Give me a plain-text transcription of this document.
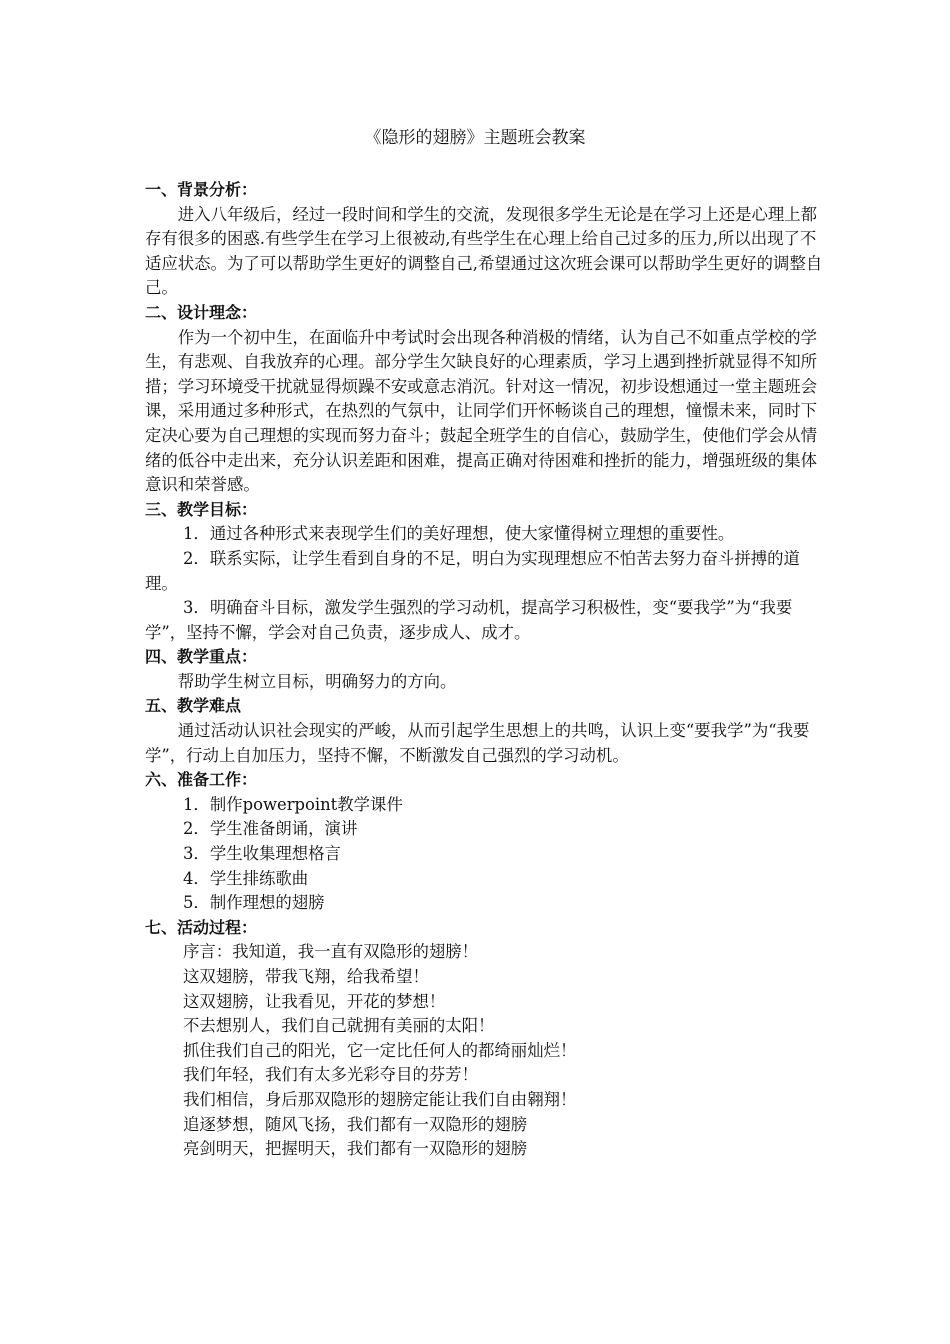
《隐形的翅膀》主题班会教案

一、背景分析：

进入八年级后，经过一段时间和学生的交流，发现很多学生无论是在学习上还是心理上都存有很多的困惑.有些学生在学习上很被动,有些学生在心理上给自己过多的压力,所以出现了不适应状态。为了可以帮助学生更好的调整自己,希望通过这次班会课可以帮助学生更好的调整自己。

二、设计理念：

作为一个初中生，在面临升中考试时会出现各种消极的情绪，认为自己不如重点学校的学生，有悲观、自我放弃的心理。部分学生欠缺良好的心理素质，学习上遇到挫折就显得不知所措；学习环境受干扰就显得烦躁不安或意志消沉。针对这一情况，初步设想通过一堂主题班会课，采用通过多种形式，在热烈的气氛中，让同学们开怀畅谈自己的理想，憧憬未来，同时下定决心要为自己理想的实现而努力奋斗；鼓起全班学生的自信心，鼓励学生，使他们学会从情绪的低谷中走出来，充分认识差距和困难，提高正确对待困难和挫折的能力，增强班级的集体意识和荣誉感。

三、教学目标：

1．通过各种形式来表现学生们的美好理想，使大家懂得树立理想的重要性。

2．联系实际，让学生看到自身的不足，明白为实现理想应不怕苦去努力奋斗拼搏的道理。

3．明确奋斗目标，激发学生强烈的学习动机，提高学习积极性，变“要我学”为“我要学”，坚持不懈，学会对自己负责，逐步成人、成才。

四、教学重点：

帮助学生树立目标，明确努力的方向。

五、教学难点

通过活动认识社会现实的严峻，从而引起学生思想上的共鸣，认识上变“要我学”为“我要学”，行动上自加压力，坚持不懈，不断激发自己强烈的学习动机。

六、准备工作：

1．制作powerpoint教学课件

2．学生准备朗诵，演讲

3．学生收集理想格言

4．学生排练歌曲

5．制作理想的翅膀

七、活动过程：

序言：我知道，我一直有双隐形的翅膀！

这双翅膀，带我飞翔，给我希望！

这双翅膀，让我看见，开花的梦想！

不去想别人，我们自己就拥有美丽的太阳！

抓住我们自己的阳光，它一定比任何人的都绮丽灿烂！

我们年轻，我们有太多光彩夺目的芬芳！

我们相信，身后那双隐形的翅膀定能让我们自由翱翔！

追逐梦想，随风飞扬，我们都有一双隐形的翅膀

亮剑明天，把握明天，我们都有一双隐形的翅膀
